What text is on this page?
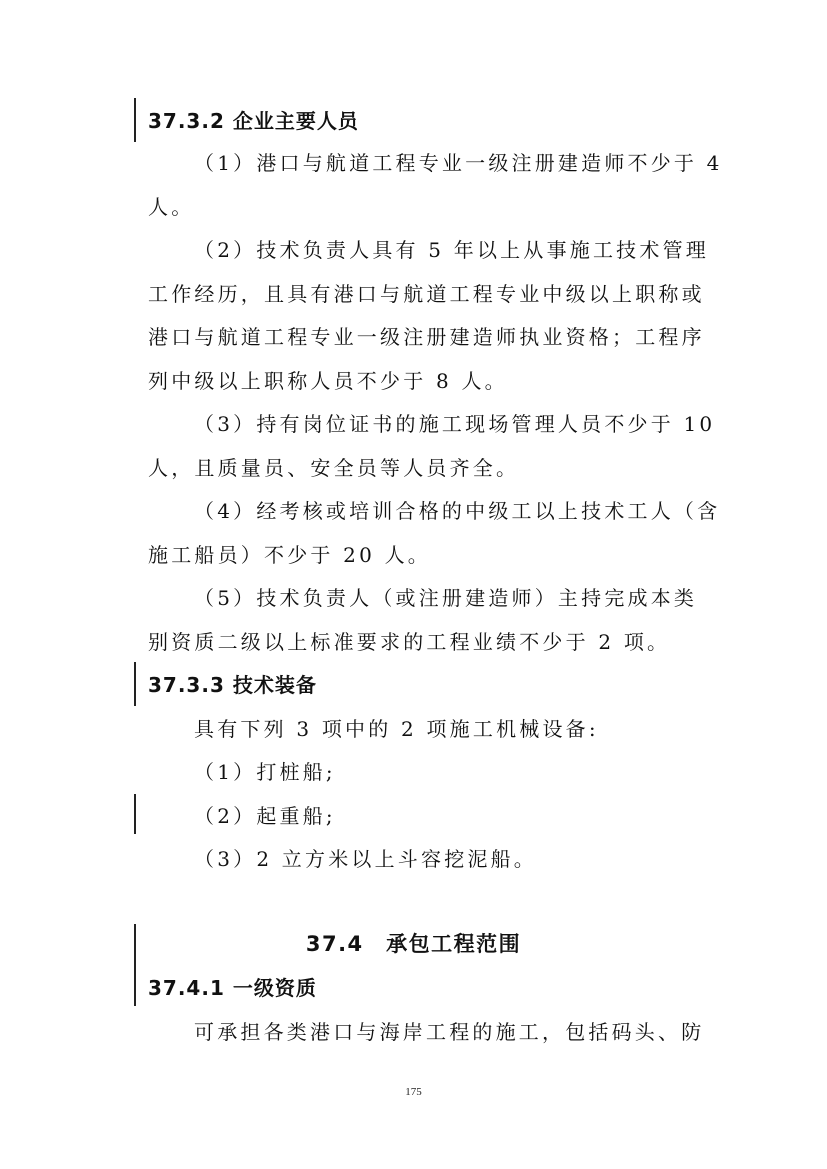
37.3.2 企业主要人员
（1）港口与航道工程专业一级注册建造师不少于 4
人。
（2）技术负责人具有 5 年以上从事施工技术管理
工作经历，且具有港口与航道工程专业中级以上职称或
港口与航道工程专业一级注册建造师执业资格；工程序
列中级以上职称人员不少于 8 人。
（3）持有岗位证书的施工现场管理人员不少于 10
人，且质量员、安全员等人员齐全。
（4）经考核或培训合格的中级工以上技术工人（含
施工船员）不少于 20 人。
（5）技术负责人（或注册建造师）主持完成本类
别资质二级以上标准要求的工程业绩不少于 2 项。
37.3.3 技术装备
具有下列 3 项中的 2 项施工机械设备:
（1）打桩船;
（2）起重船;
（3）2 立方米以上斗容挖泥船。
37.4　承包工程范围
37.4.1 一级资质
可承担各类港口与海岸工程的施工，包括码头、防
175
